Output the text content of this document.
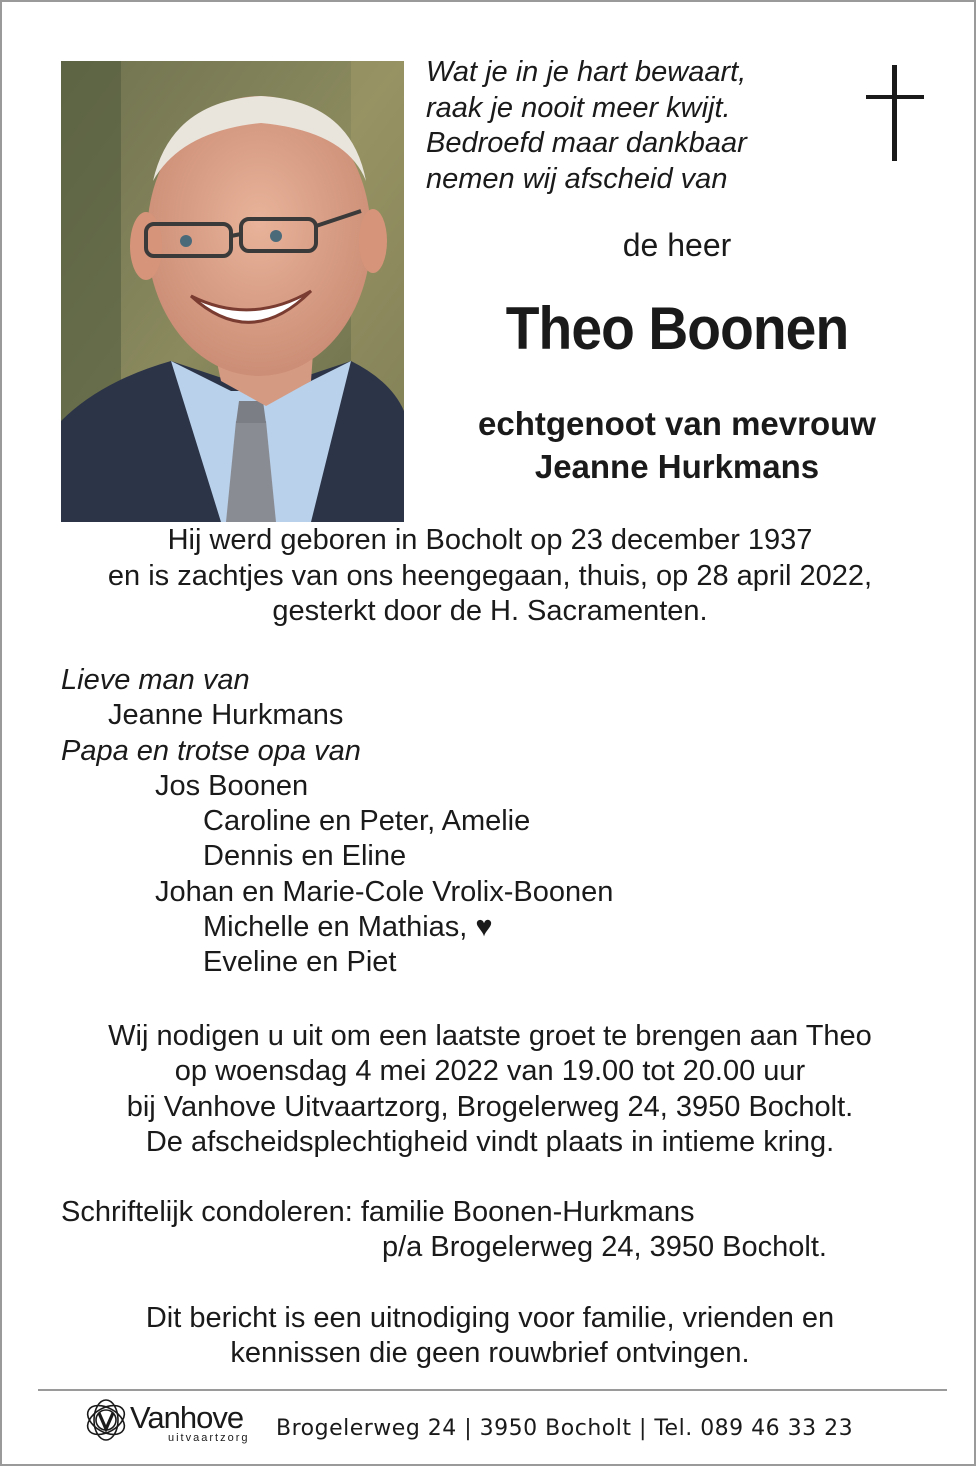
Wat je in je hart bewaart,
raak je nooit meer kwijt.
Bedroefd maar dankbaar
nemen wij afscheid van
de heer
Theo Boonen
echtgenoot van mevrouw
Jeanne Hurkmans
Hij werd geboren in Bocholt op 23 december 1937
en is zachtjes van ons heengegaan, thuis, op 28 april 2022,
gesterkt door de H. Sacramenten.
Lieve man van
Jeanne Hurkmans
Papa en trotse opa van
Jos Boonen
Caroline en Peter, Amelie
Dennis en Eline
Johan en Marie-Cole Vrolix-Boonen
Michelle en Mathias, ♥
Eveline en Piet
Wij nodigen u uit om een laatste groet te brengen aan Theo
op woensdag 4 mei 2022 van 19.00 tot 20.00 uur
bij Vanhove Uitvaartzorg, Brogelerweg 24, 3950 Bocholt.
De afscheidsplechtigheid vindt plaats in intieme kring.
Schriftelijk condoleren: familie Boonen-Hurkmans
p/a Brogelerweg 24, 3950 Bocholt.
Dit bericht is een uitnodiging voor familie, vrienden en
kennissen die geen rouwbrief ontvingen.
Vanhove
uitvaartzorg Brogelerweg 24 | 3950 Bocholt | Tel. 089 46 33 23
